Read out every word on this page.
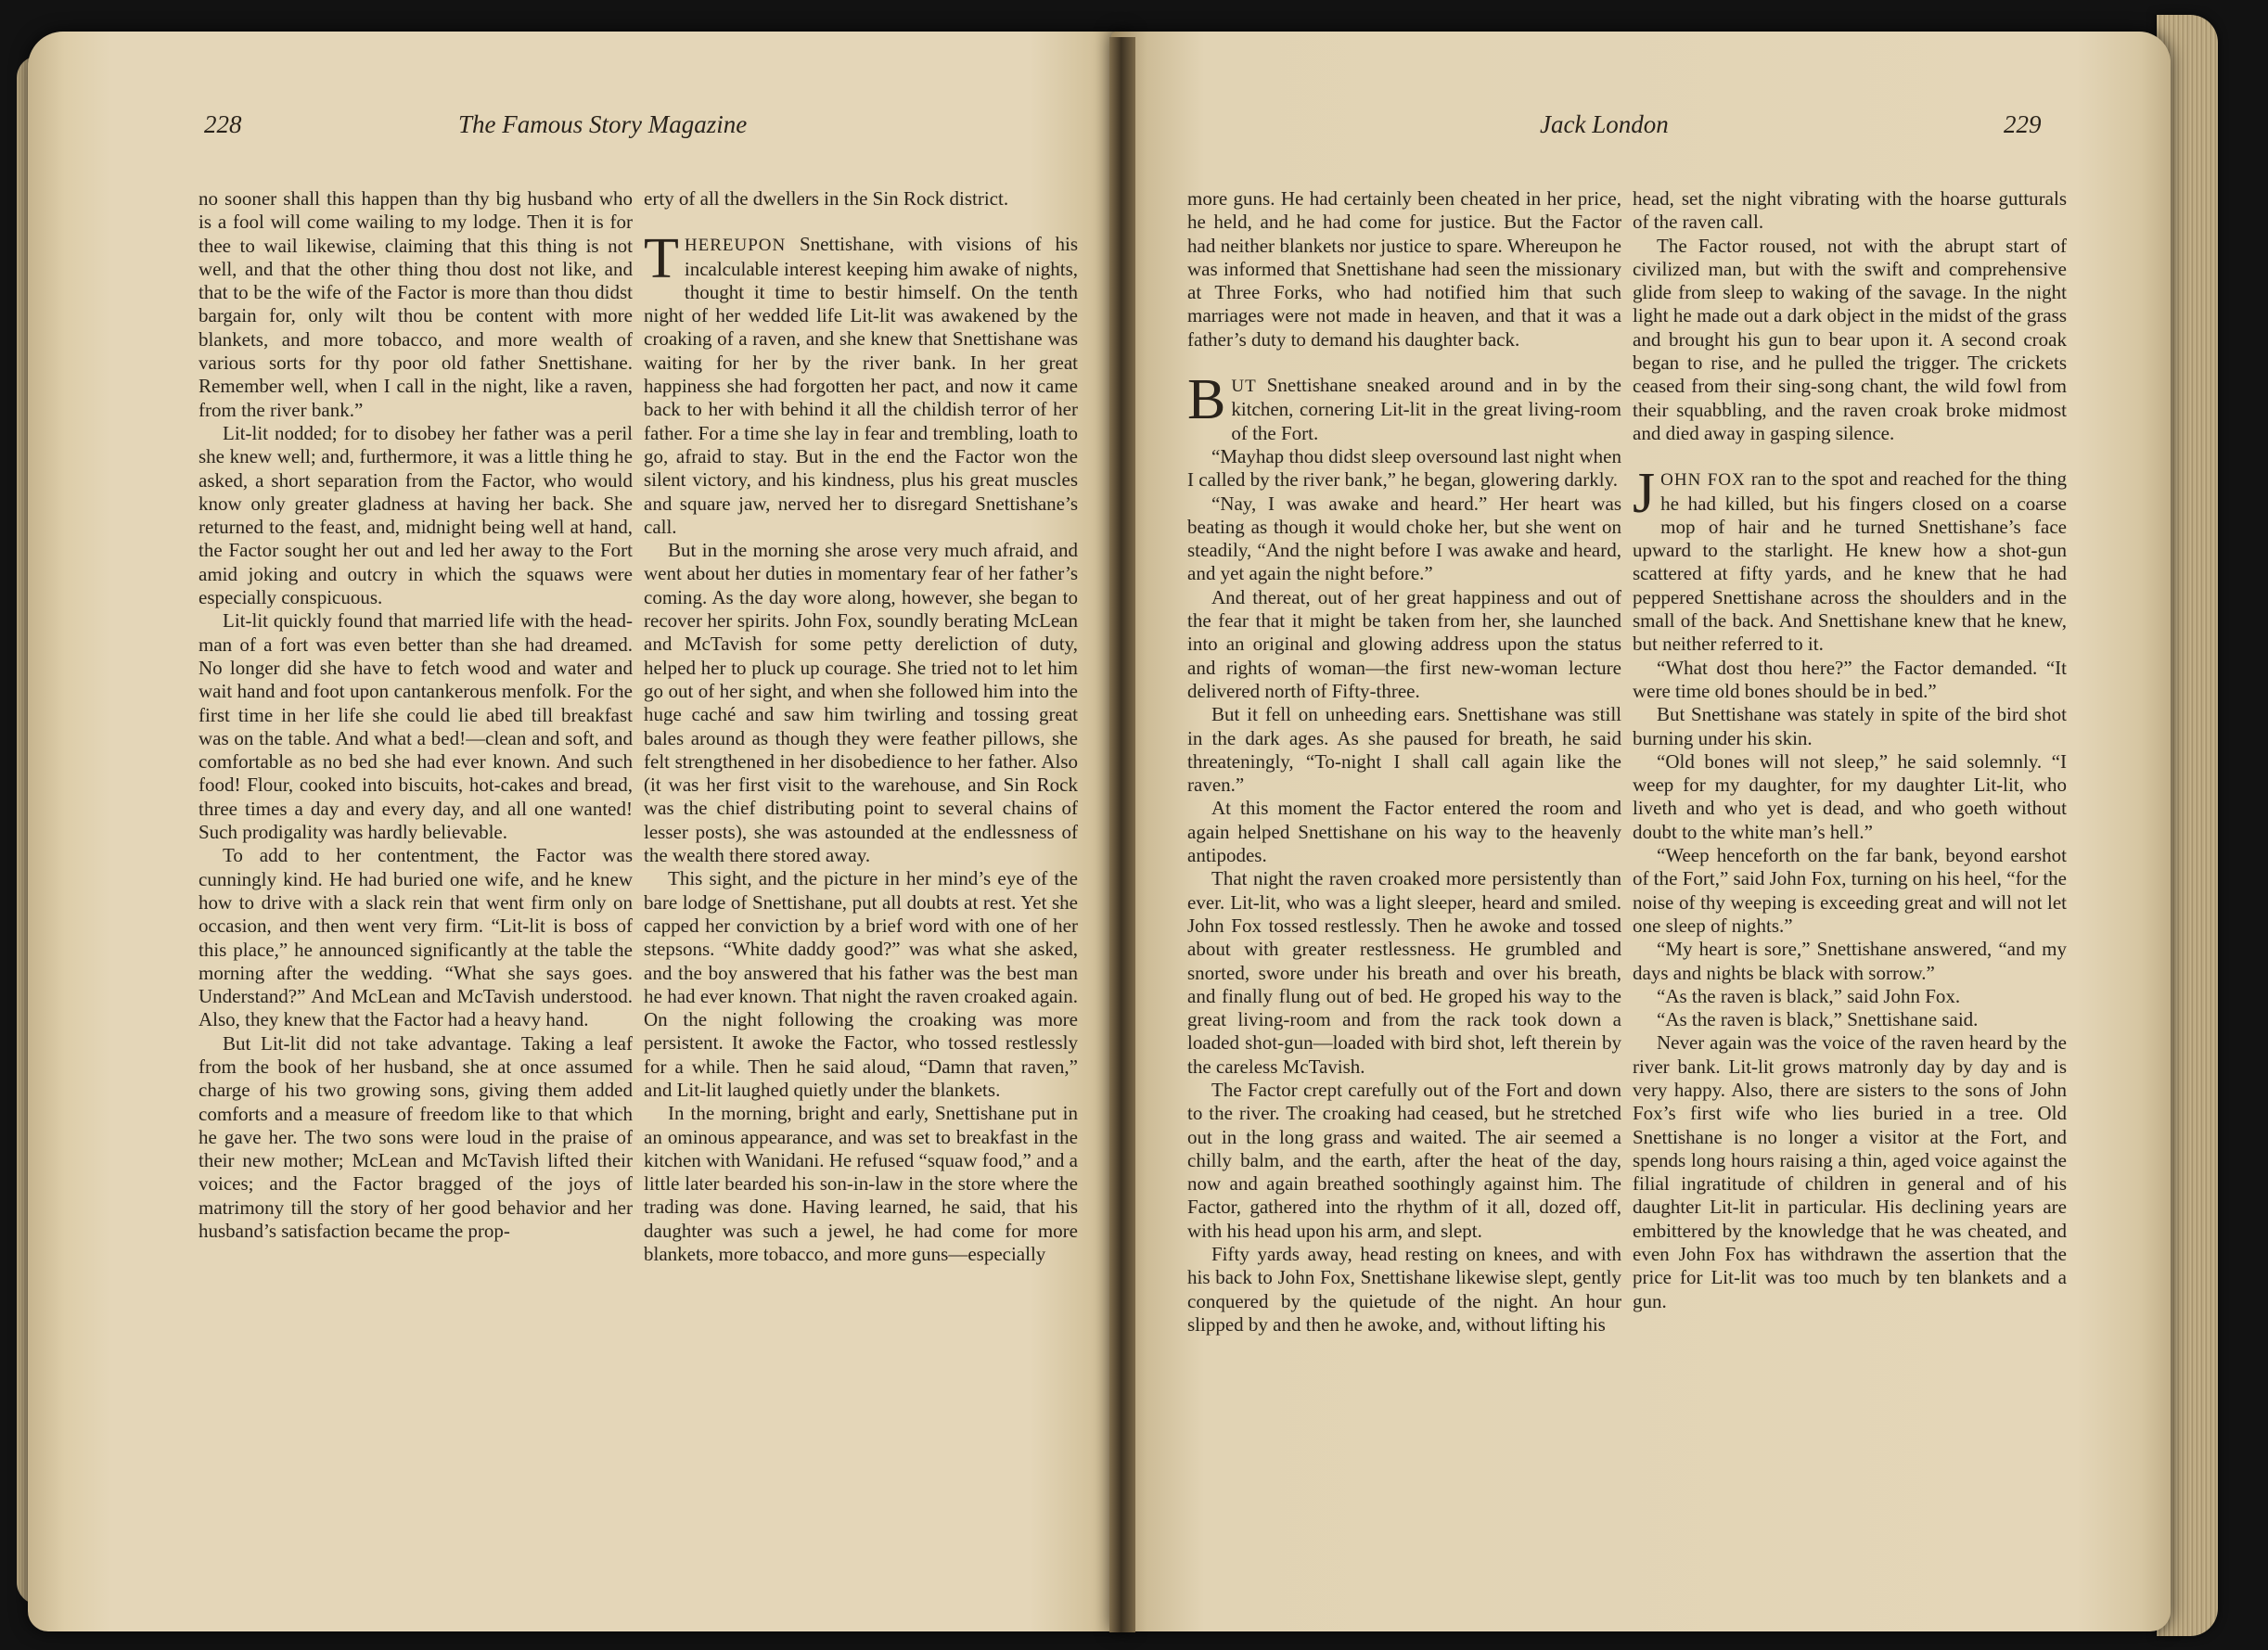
228	The Famous Story Magazine

no sooner shall this happen than thy big husband who is a fool will come wailing to my lodge. Then it is for thee to wail likewise, claiming that this thing is not well, and that the other thing thou dost not like, and that to be the wife of the Factor is more than thou didst bargain for, only wilt thou be content with more blankets, and more tobacco, and more wealth of various sorts for thy poor old father Snettishane. Remember well, when I call in the night, like a raven, from the river bank.”

Lit-lit nodded; for to disobey her father was a peril she knew well; and, furthermore, it was a little thing he asked, a short separation from the Factor, who would know only greater gladness at having her back. She returned to the feast, and, midnight being well at hand, the Factor sought her out and led her away to the Fort amid joking and outcry in which the squaws were especially conspicuous.

Lit-lit quickly found that married life with the head-man of a fort was even better than she had dreamed. No longer did she have to fetch wood and water and wait hand and foot upon cantankerous menfolk. For the first time in her life she could lie abed till breakfast was on the table. And what a bed!—clean and soft, and comfortable as no bed she had ever known. And such food! Flour, cooked into biscuits, hot-cakes and bread, three times a day and every day, and all one wanted! Such prodigality was hardly believable.

To add to her contentment, the Factor was cunningly kind. He had buried one wife, and he knew how to drive with a slack rein that went firm only on occasion, and then went very firm. “Lit-lit is boss of this place,” he announced significantly at the table the morning after the wedding. “What she says goes. Understand?” And McLean and McTavish understood. Also, they knew that the Factor had a heavy hand.

But Lit-lit did not take advantage. Taking a leaf from the book of her husband, she at once assumed charge of his two growing sons, giving them added comforts and a measure of freedom like to that which he gave her. The two sons were loud in the praise of their new mother; McLean and McTavish lifted their voices; and the Factor bragged of the joys of matrimony till the story of her good behavior and her husband’s satisfaction became the prop-

erty of all the dwellers in the Sin Rock district.

THEREUPON Snettishane, with visions of his incalculable interest keeping him awake of nights, thought it time to bestir himself. On the tenth night of her wedded life Lit-lit was awakened by the croaking of a raven, and she knew that Snettishane was waiting for her by the river bank. In her great happiness she had forgotten her pact, and now it came back to her with behind it all the childish terror of her father. For a time she lay in fear and trembling, loath to go, afraid to stay. But in the end the Factor won the silent victory, and his kindness, plus his great muscles and square jaw, nerved her to disregard Snettishane’s call.

But in the morning she arose very much afraid, and went about her duties in momentary fear of her father’s coming. As the day wore along, however, she began to recover her spirits. John Fox, soundly berating McLean and McTavish for some petty dereliction of duty, helped her to pluck up courage. She tried not to let him go out of her sight, and when she followed him into the huge caché and saw him twirling and tossing great bales around as though they were feather pillows, she felt strengthened in her disobedience to her father. Also (it was her first visit to the warehouse, and Sin Rock was the chief distributing point to several chains of lesser posts), she was astounded at the endlessness of the wealth there stored away.

This sight, and the picture in her mind’s eye of the bare lodge of Snettishane, put all doubts at rest. Yet she capped her conviction by a brief word with one of her stepsons. “White daddy good?” was what she asked, and the boy answered that his father was the best man he had ever known. That night the raven croaked again. On the night following the croaking was more persistent. It awoke the Factor, who tossed restlessly for a while. Then he said aloud, “Damn that raven,” and Lit-lit laughed quietly under the blankets.

In the morning, bright and early, Snettishane put in an ominous appearance, and was set to breakfast in the kitchen with Wanidani. He refused “squaw food,” and a little later bearded his son-in-law in the store where the trading was done. Having learned, he said, that his daughter was such a jewel, he had come for more blankets, more tobacco, and more guns—especially

Jack London	229

more guns. He had certainly been cheated in her price, he held, and he had come for justice. But the Factor had neither blankets nor justice to spare. Whereupon he was informed that Snettishane had seen the missionary at Three Forks, who had notified him that such marriages were not made in heaven, and that it was a father’s duty to demand his daughter back.

BUT Snettishane sneaked around and in by the kitchen, cornering Lit-lit in the great living-room of the Fort.

“Mayhap thou didst sleep oversound last night when I called by the river bank,” he began, glowering darkly.

“Nay, I was awake and heard.” Her heart was beating as though it would choke her, but she went on steadily, “And the night before I was awake and heard, and yet again the night before.”

And thereat, out of her great happiness and out of the fear that it might be taken from her, she launched into an original and glowing address upon the status and rights of woman—the first new-woman lecture delivered north of Fifty-three.

But it fell on unheeding ears. Snettishane was still in the dark ages. As she paused for breath, he said threateningly, “To-night I shall call again like the raven.”

At this moment the Factor entered the room and again helped Snettishane on his way to the heavenly antipodes.

That night the raven croaked more persistently than ever. Lit-lit, who was a light sleeper, heard and smiled. John Fox tossed restlessly. Then he awoke and tossed about with greater restlessness. He grumbled and snorted, swore under his breath and over his breath, and finally flung out of bed. He groped his way to the great living-room and from the rack took down a loaded shot-gun—loaded with bird shot, left therein by the careless McTavish.

The Factor crept carefully out of the Fort and down to the river. The croaking had ceased, but he stretched out in the long grass and waited. The air seemed a chilly balm, and the earth, after the heat of the day, now and again breathed soothingly against him. The Factor, gathered into the rhythm of it all, dozed off, with his head upon his arm, and slept.

Fifty yards away, head resting on knees, and with his back to John Fox, Snettishane likewise slept, gently conquered by the quietude of the night. An hour slipped by and then he awoke, and, without lifting his

head, set the night vibrating with the hoarse gutturals of the raven call.

The Factor roused, not with the abrupt start of civilized man, but with the swift and comprehensive glide from sleep to waking of the savage. In the night light he made out a dark object in the midst of the grass and brought his gun to bear upon it. A second croak began to rise, and he pulled the trigger. The crickets ceased from their sing-song chant, the wild fowl from their squabbling, and the raven croak broke midmost and died away in gasping silence.

JOHN FOX ran to the spot and reached for the thing he had killed, but his fingers closed on a coarse mop of hair and he turned Snettishane’s face upward to the starlight. He knew how a shot-gun scattered at fifty yards, and he knew that he had peppered Snettishane across the shoulders and in the small of the back. And Snettishane knew that he knew, but neither referred to it.

“What dost thou here?” the Factor demanded. “It were time old bones should be in bed.”

But Snettishane was stately in spite of the bird shot burning under his skin.

“Old bones will not sleep,” he said solemnly. “I weep for my daughter, for my daughter Lit-lit, who liveth and who yet is dead, and who goeth without doubt to the white man’s hell.”

“Weep henceforth on the far bank, beyond earshot of the Fort,” said John Fox, turning on his heel, “for the noise of thy weeping is exceeding great and will not let one sleep of nights.”

“My heart is sore,” Snettishane answered, “and my days and nights be black with sorrow.”

“As the raven is black,” said John Fox.

“As the raven is black,” Snettishane said.

Never again was the voice of the raven heard by the river bank. Lit-lit grows matronly day by day and is very happy. Also, there are sisters to the sons of John Fox’s first wife who lies buried in a tree. Old Snettishane is no longer a visitor at the Fort, and spends long hours raising a thin, aged voice against the filial ingratitude of children in general and of his daughter Lit-lit in particular. His declining years are embittered by the knowledge that he was cheated, and even John Fox has withdrawn the assertion that the price for Lit-lit was too much by ten blankets and a gun.
